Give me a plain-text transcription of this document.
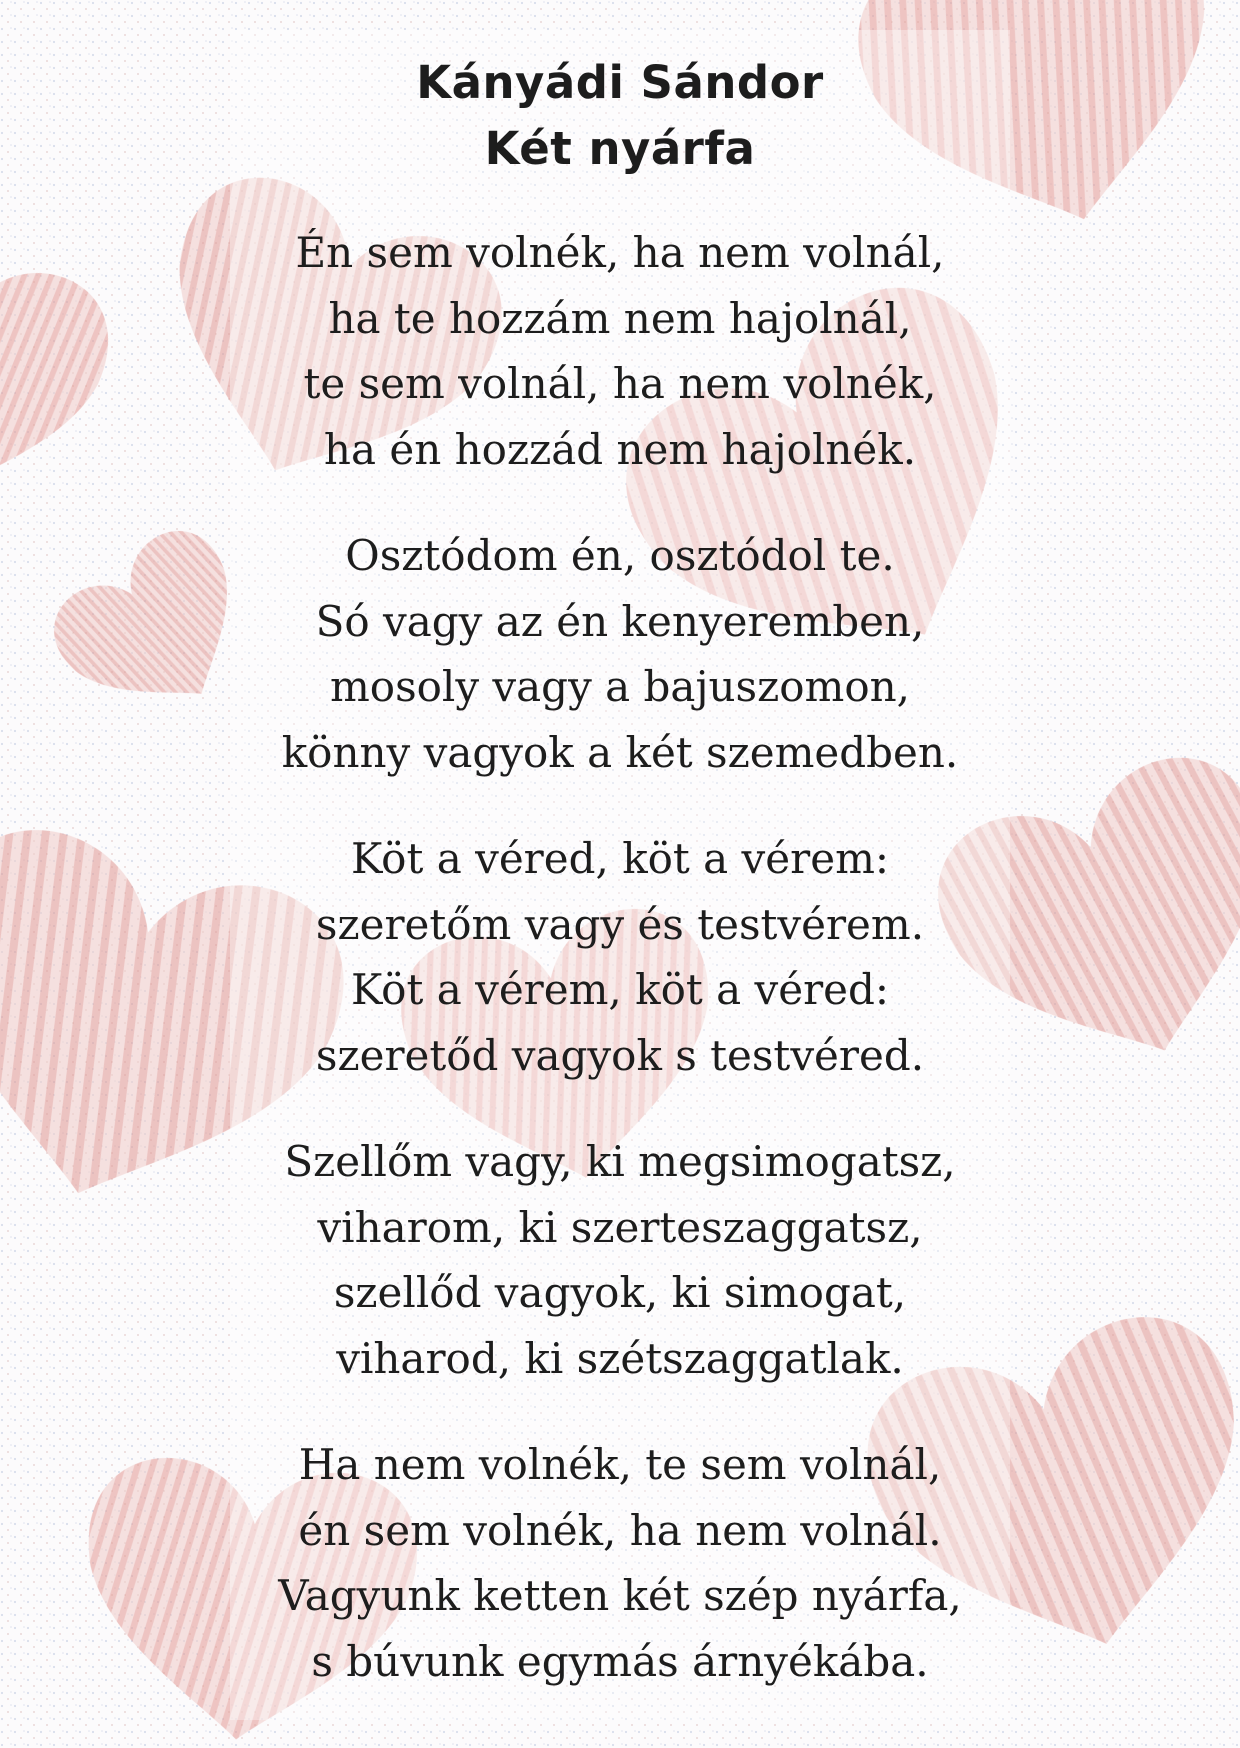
Kányádi Sándor

Két nyárfa

Én sem volnék, ha nem volnál,

ha te hozzám nem hajolnál,

te sem volnál, ha nem volnék,

ha én hozzád nem hajolnék.

Osztódom én, osztódol te.

Só vagy az én kenyeremben,

mosoly vagy a bajuszomon,

könny vagyok a két szemedben.

Köt a véred, köt a vérem:

szeretőm vagy és testvérem.

Köt a vérem, köt a véred:

szeretőd vagyok s testvéred.

Szellőm vagy, ki megsimogatsz,

viharom, ki szerteszaggatsz,

szellőd vagyok, ki simogat,

viharod, ki szétszaggatlak.

Ha nem volnék, te sem volnál,

én sem volnék, ha nem volnál.

Vagyunk ketten két szép nyárfa,

s búvunk egymás árnyékába.
